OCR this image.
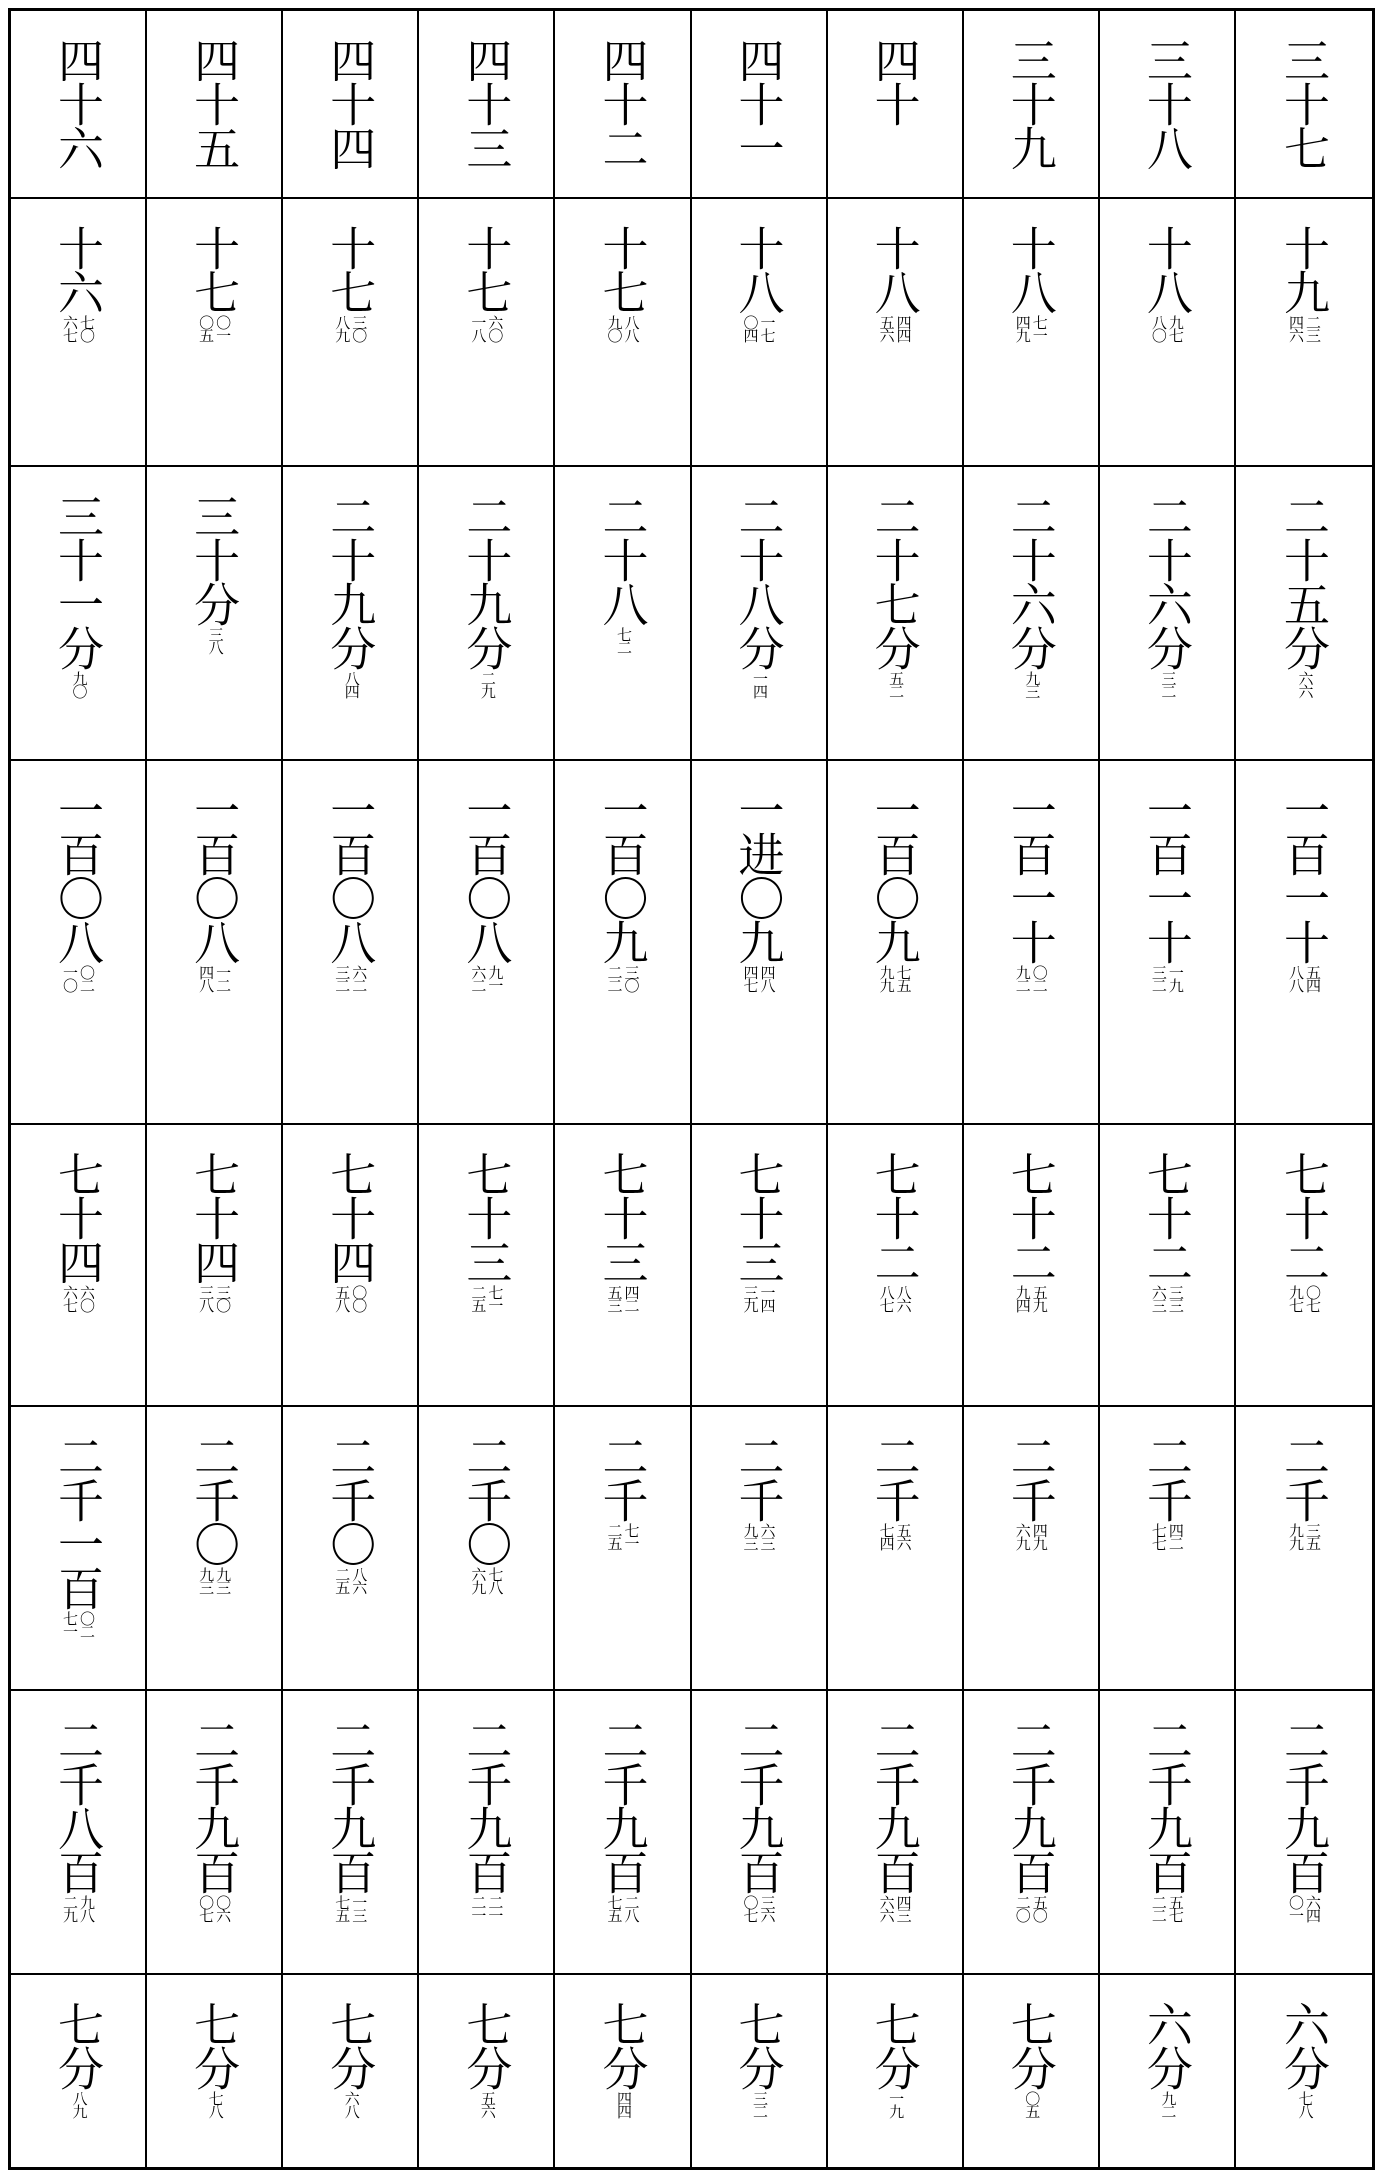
四十六 四十五 四十四 四十三 四十二 四十一 四十 三十九 三十八 三十七
十六
七〇
六七
十七
〇一
〇五
十七
三〇
八九
十七
六〇
一八
十七
八八
九〇
十八
一七
〇四
十八
四四
五六
十八
七一
四九
十八
九七
八〇
十九
二三
四六
三十一分
九〇
三十分
三八 二十九分
八四
二十九分
二九
二十八
七二 二十八分
一四
二十七分
五二
二十六分
九三
二十六分
三二
二十五分
六六
一百〇八
〇二
一〇
一百〇八
一二
四八
一百〇八
六二
三二
一百〇八
九一
六二
一百〇九
三〇
二二
一进〇九
四八
四七
一百〇九
七五
九九
一百一十
〇二
九二
一百一十
一九
三二
一百一十
五四
八八
七十四
六〇
六七
七十四
三〇
三八
七十四
〇〇
五八
七十三
七一
二五
七十三
四二
五三
七十三
一四
三九
七十二
八六
八七
七十二
五九
九四
七十二
三三
六三
七十二
〇七
九七
二千一百
〇二
七一
二千〇
九三
九三
二千〇
八六
二五
二千〇
七八
六九
二千
七一
二五
二千
六三
九三
二千
五六
七四
二千
四九
六九
二千
四二
七七
二千
三五
九九
二千八百
九八
二九
二千九百
〇六
〇七
二千九百
一三
七五
二千九百
二一
二一
二千九百
二八
七五
二千九百
三六
〇七
二千九百
四三
六六
二千九百
五〇
二〇
二千九百
五七
二二
二千九百
六四
〇一
七分
八九
七分
七八
七分
六八
七分
五六
七分
四四
七分
三二
七分
一九
七分
〇五
六分
九二
六分
七八
